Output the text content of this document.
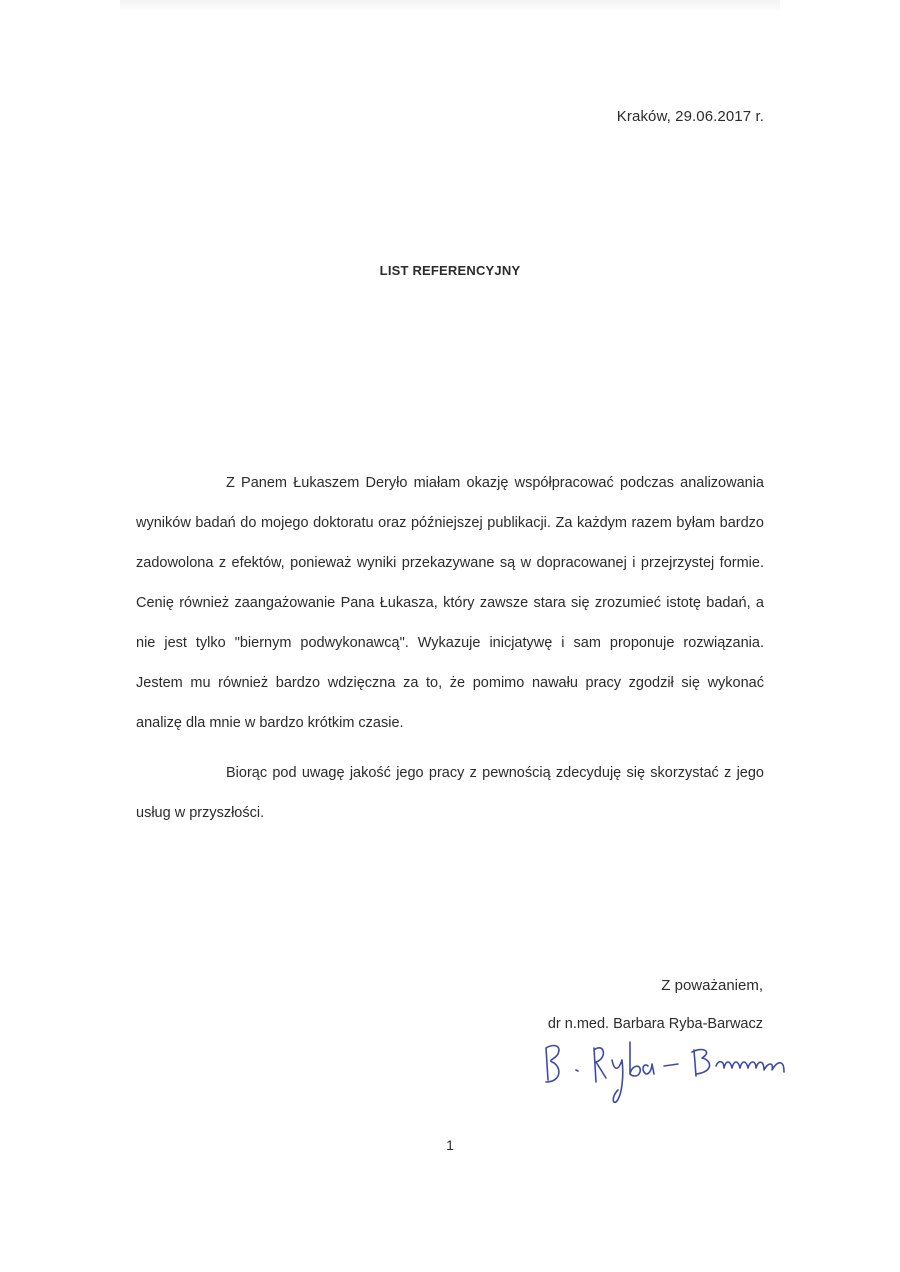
Kraków, 29.06.2017 r.
LIST REFERENCYJNY

Z Panem Łukaszem Deryło miałam okazję współpracować podczas analizowania wyników badań do mojego doktoratu oraz późniejszej publikacji. Za każdym razem byłam bardzo zadowolona z efektów, ponieważ wyniki przekazywane są w dopracowanej i przejrzystej formie. Cenię również zaangażowanie Pana Łukasza, który zawsze stara się zrozumieć istotę badań, a nie jest tylko "biernym podwykonawcą". Wykazuje inicjatywę i sam proponuje rozwiązania. Jestem mu również bardzo wdzięczna za to, że pomimo nawału pracy zgodził się wykonać analizę dla mnie w bardzo krótkim czasie.

Biorąc pod uwagę jakość jego pracy z pewnością zdecyduję się skorzystać z jego usług w przyszłości.

Z poważaniem,
dr n.med. Barbara Ryba-Barwacz
1
